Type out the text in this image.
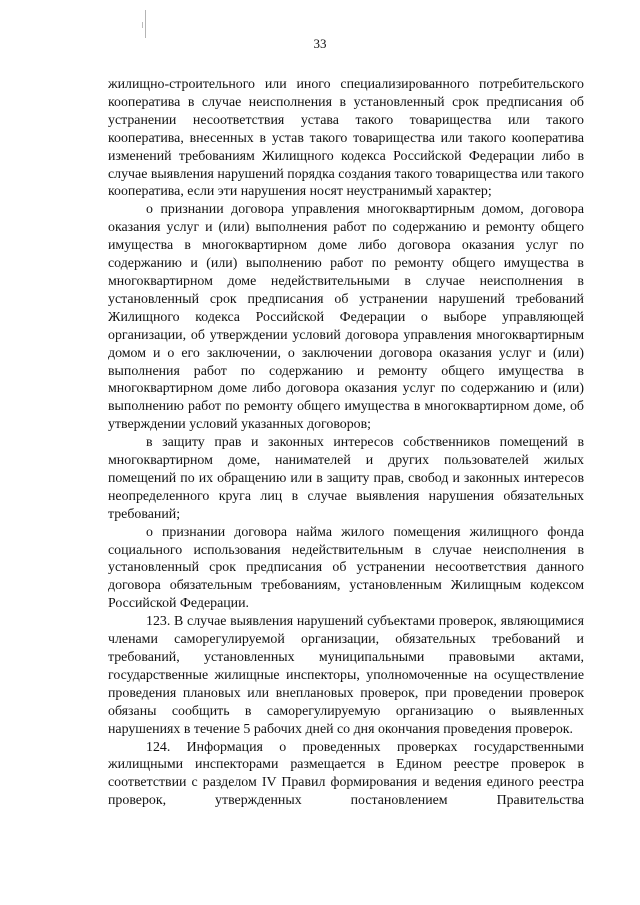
33

жилищно-строительного или иного специализированного потребительского кооператива в случае неисполнения в установленный срок предписания об устранении несоответствия устава такого товарищества или такого кооператива, внесенных в устав такого товарищества или такого кооператива изменений требованиям Жилищного кодекса Российской Федерации либо в случае выявления нарушений порядка создания такого товарищества или такого кооператива, если эти нарушения носят неустранимый характер;

о признании договора управления многоквартирным домом, договора оказания услуг и (или) выполнения работ по содержанию и ремонту общего имущества в многоквартирном доме либо договора оказания услуг по содержанию и (или) выполнению работ по ремонту общего имущества в многоквартирном доме недействительными в случае неисполнения в установленный срок предписания об устранении нарушений требований Жилищного кодекса Российской Федерации о выборе управляющей организации, об утверждении условий договора управления многоквартирным домом и о его заключении, о заключении договора оказания услуг и (или) выполнения работ по содержанию и ремонту общего имущества в многоквартирном доме либо договора оказания услуг по содержанию и (или) выполнению работ по ремонту общего имущества в многоквартирном доме, об утверждении условий указанных договоров;

в защиту прав и законных интересов собственников помещений в многоквартирном доме, нанимателей и других пользователей жилых помещений по их обращению или в защиту прав, свобод и законных интересов неопределенного круга лиц в случае выявления нарушения обязательных требований;

о признании договора найма жилого помещения жилищного фонда социального использования недействительным в случае неисполнения в установленный срок предписания об устранении несоответствия данного договора обязательным требованиям, установленным Жилищным кодексом Российской Федерации.

123. В случае выявления нарушений субъектами проверок, являющимися членами саморегулируемой организации, обязательных требований и требований, установленных муниципальными правовыми актами, государственные жилищные инспекторы, уполномоченные на осуществление проведения плановых или внеплановых проверок, при проведении проверок обязаны сообщить в саморегулируемую организацию о выявленных нарушениях в течение 5 рабочих дней со дня окончания проведения проверок.

124. Информация о проведенных проверках государственными жилищными инспекторами размещается в Едином реестре проверок в соответствии с разделом IV Правил формирования и ведения единого реестра проверок, утвержденных постановлением Правительства
